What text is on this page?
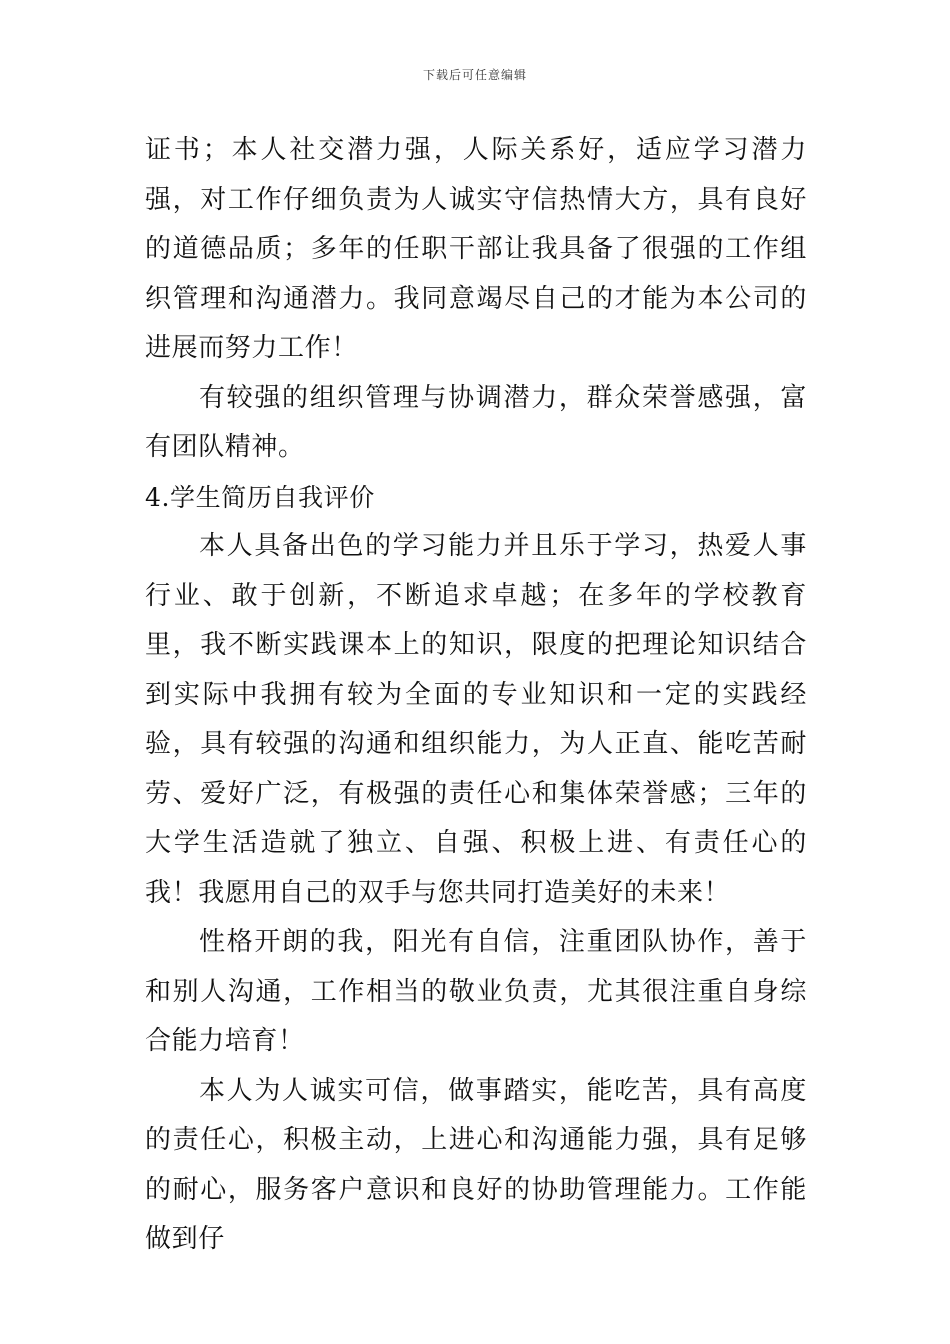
下载后可任意编辑

证书；本人社交潜力强，人际关系好，适应学习潜力强，对工作仔细负责为人诚实守信热情大方，具有良好的道德品质；多年的任职干部让我具备了很强的工作组织管理和沟通潜力。我同意竭尽自己的才能为本公司的进展而努力工作！

有较强的组织管理与协调潜力，群众荣誉感强，富有团队精神。

4.学生简历自我评价

本人具备出色的学习能力并且乐于学习，热爱人事行业、敢于创新，不断追求卓越；在多年的学校教育里，我不断实践课本上的知识，限度的把理论知识结合到实际中我拥有较为全面的专业知识和一定的实践经验，具有较强的沟通和组织能力，为人正直、能吃苦耐劳、爱好广泛，有极强的责任心和集体荣誉感；三年的大学生活造就了独立、自强、积极上进、有责任心的我！我愿用自己的双手与您共同打造美好的未来！

性格开朗的我，阳光有自信，注重团队协作，善于和别人沟通，工作相当的敬业负责，尤其很注重自身综合能力培育！

本人为人诚实可信，做事踏实，能吃苦，具有高度的责任心，积极主动，上进心和沟通能力强，具有足够的耐心，服务客户意识和良好的协助管理能力。工作能做到仔
